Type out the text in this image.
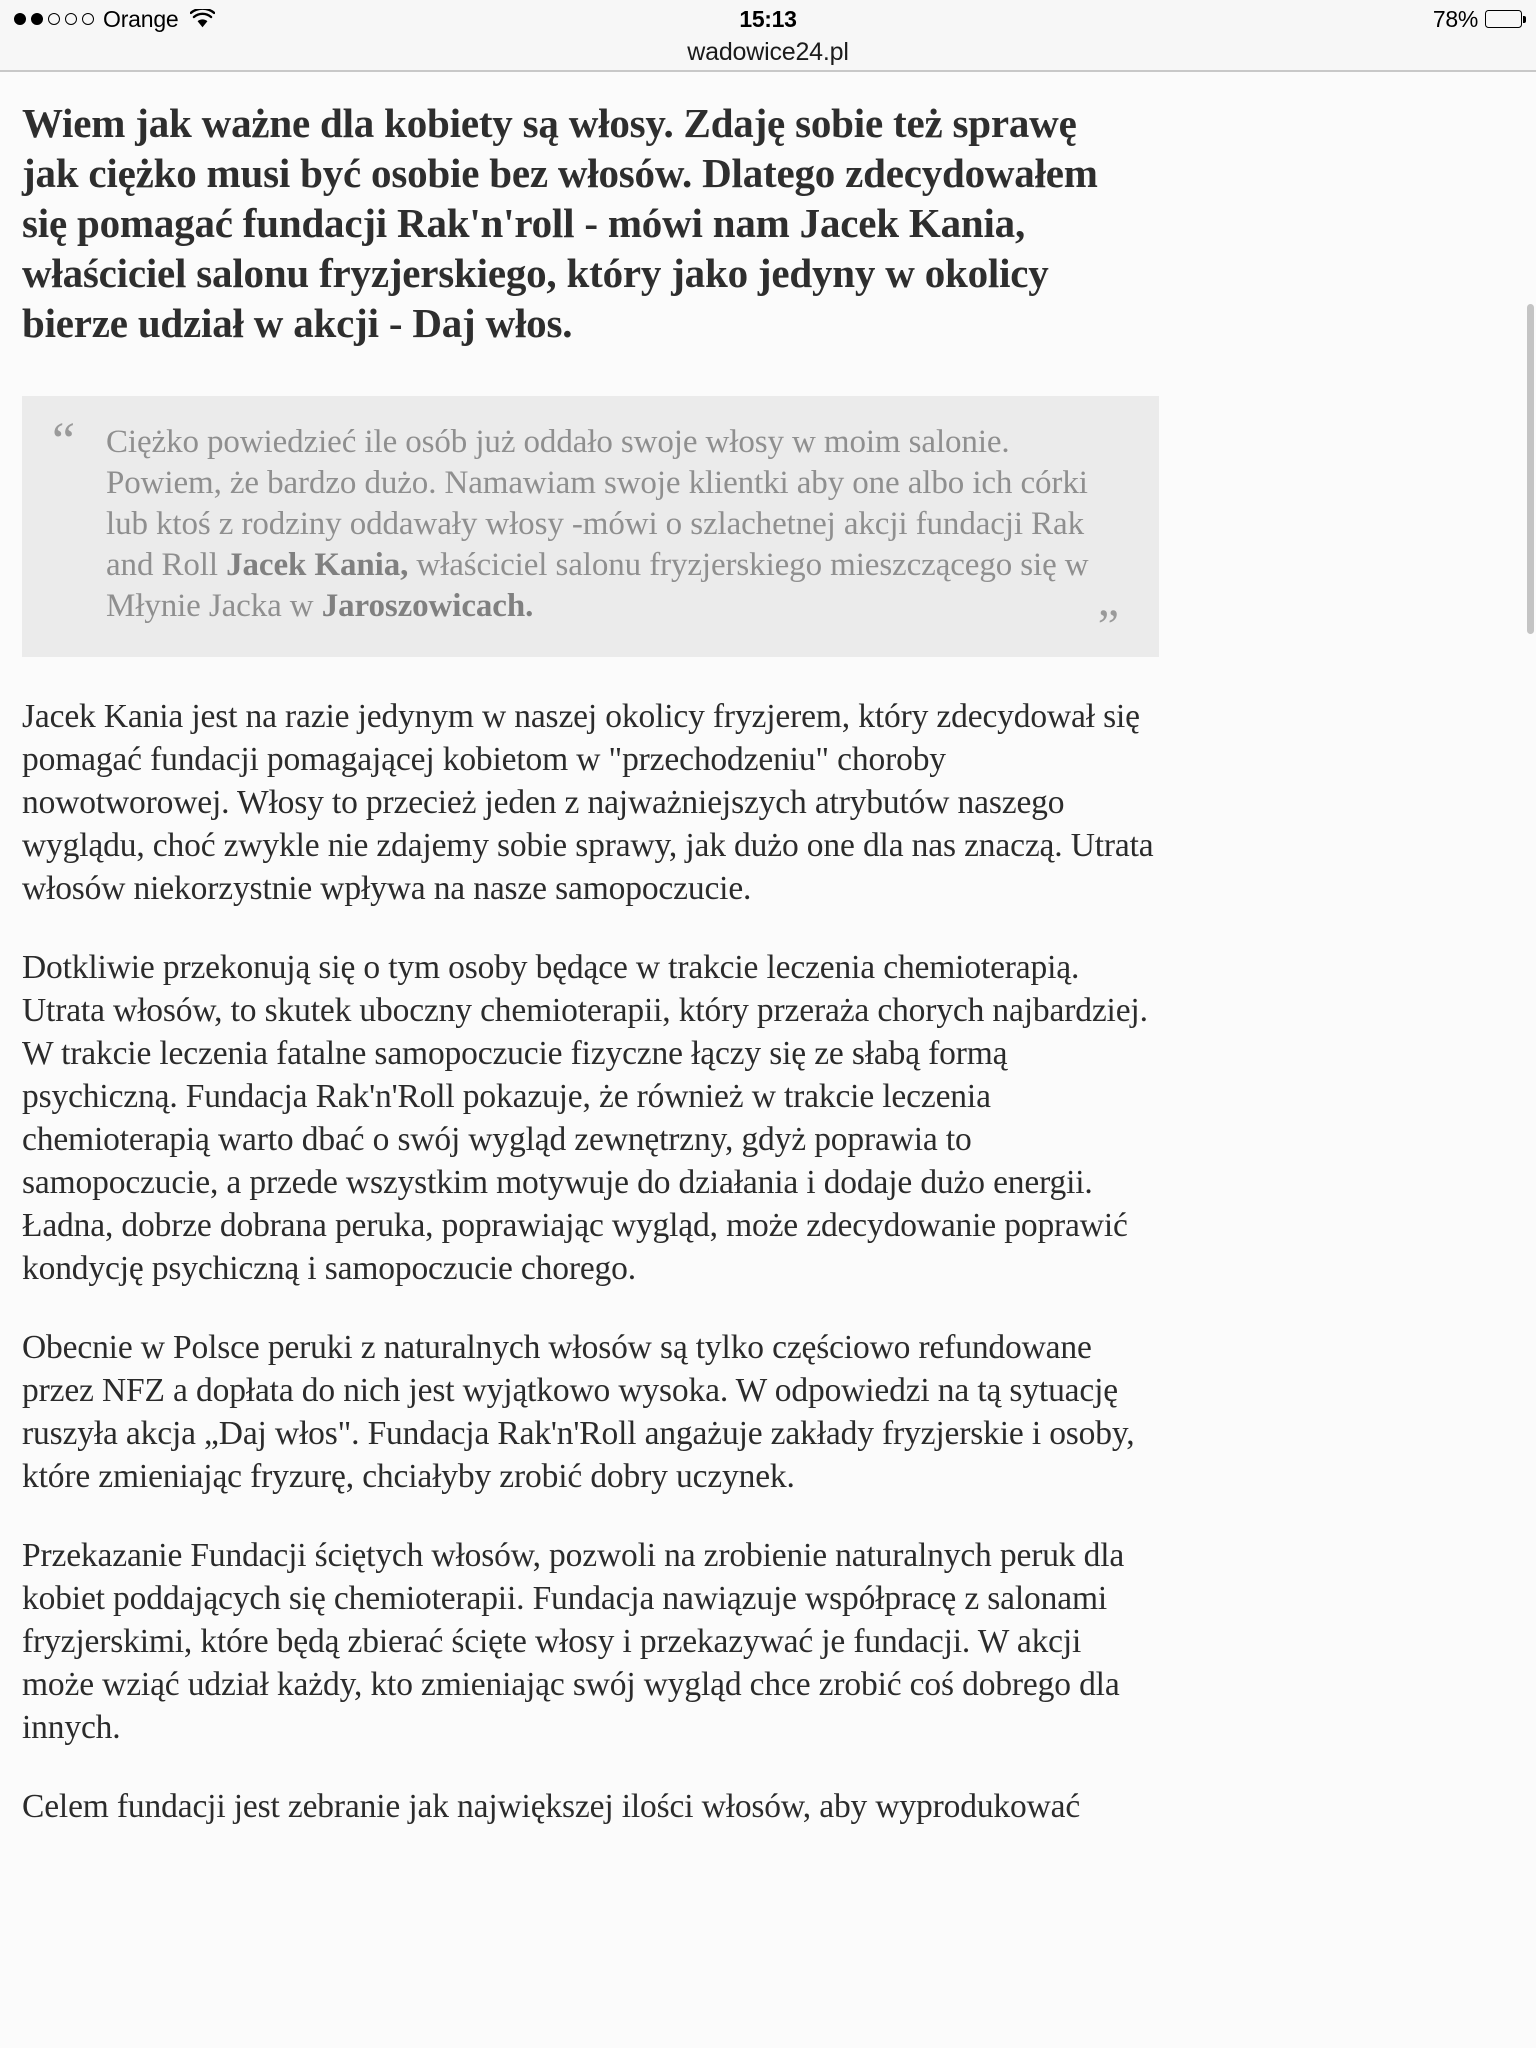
Orange	15:13	78%
wadowice24.pl
Wiem jak ważne dla kobiety są włosy. Zdaję sobie też sprawę jak ciężko musi być osobie bez włosów. Dlatego zdecydowałem się pomagać fundacji Rak'n'roll - mówi nam Jacek Kania, właściciel salonu fryzjerskiego, który jako jedyny w okolicy bierze udział w akcji - Daj włos.
“ Ciężko powiedzieć ile osób już oddało swoje włosy w moim salonie. Powiem, że bardzo dużo. Namawiam swoje klientki aby one albo ich córki lub ktoś z rodziny oddawały włosy -mówi o szlachetnej akcji fundacji Rak and Roll Jacek Kania, właściciel salonu fryzjerskiego mieszczącego się w Młynie Jacka w Jaroszowicach.	”

Jacek Kania jest na razie jedynym w naszej okolicy fryzjerem, który zdecydował się pomagać fundacji pomagającej kobietom w "przechodzeniu" choroby nowotworowej. Włosy to przecież jeden z najważniejszych atrybutów naszego wyglądu, choć zwykle nie zdajemy sobie sprawy, jak dużo one dla nas znaczą. Utrata włosów niekorzystnie wpływa na nasze samopoczucie.

Dotkliwie przekonują się o tym osoby będące w trakcie leczenia chemioterapią. Utrata włosów, to skutek uboczny chemioterapii, który przeraża chorych najbardziej. W trakcie leczenia fatalne samopoczucie fizyczne łączy się ze słabą formą psychiczną. Fundacja Rak'n'Roll pokazuje, że również w trakcie leczenia chemioterapią warto dbać o swój wygląd zewnętrzny, gdyż poprawia to samopoczucie, a przede wszystkim motywuje do działania i dodaje dużo energii. Ładna, dobrze dobrana peruka, poprawiając wygląd, może zdecydowanie poprawić kondycję psychiczną i samopoczucie chorego.

Obecnie w Polsce peruki z naturalnych włosów są tylko częściowo refundowane przez NFZ a dopłata do nich jest wyjątkowo wysoka. W odpowiedzi na tą sytuację ruszyła akcja „Daj włos". Fundacja Rak'n'Roll angażuje zakłady fryzjerskie i osoby, które zmieniając fryzurę, chciałyby zrobić dobry uczynek.

Przekazanie Fundacji ściętych włosów, pozwoli na zrobienie naturalnych peruk dla kobiet poddających się chemioterapii. Fundacja nawiązuje współpracę z salonami fryzjerskimi, które będą zbierać ścięte włosy i przekazywać je fundacji. W akcji może wziąć udział każdy, kto zmieniając swój wygląd chce zrobić coś dobrego dla innych.

Celem fundacji jest zebranie jak największej ilości włosów, aby wyprodukować
